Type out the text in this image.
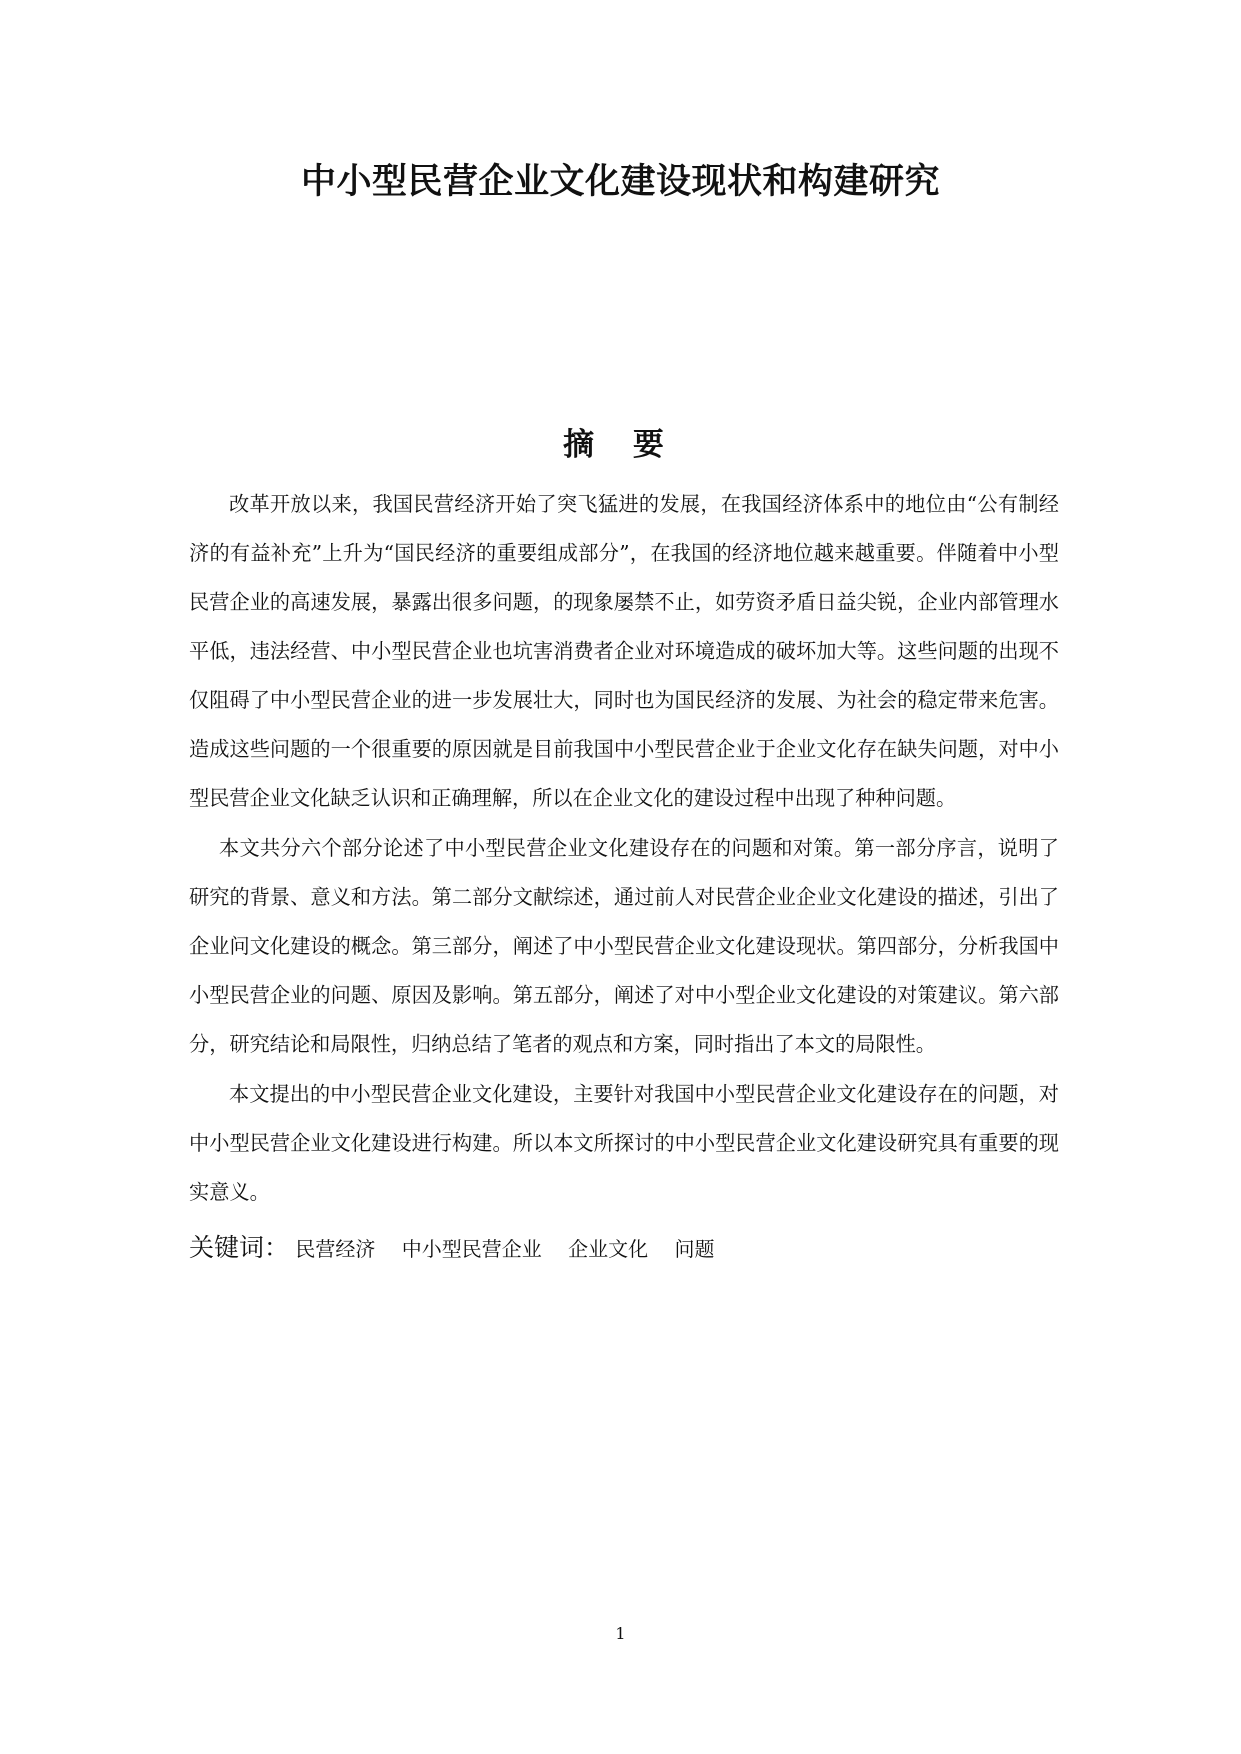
中小型民营企业文化建设现状和构建研究
摘 要

改革开放以来，我国民营经济开始了突飞猛进的发展，在我国经济体系中的地位由“公有制经济的有益补充”上升为“国民经济的重要组成部分”，在我国的经济地位越来越重要。伴随着中小型民营企业的高速发展，暴露出很多问题，的现象屡禁不止，如劳资矛盾日益尖锐，企业内部管理水平低，违法经营、中小型民营企业也坑害消费者企业对环境造成的破坏加大等。这些问题的出现不仅阻碍了中小型民营企业的进一步发展壮大，同时也为国民经济的发展、为社会的稳定带来危害。造成这些问题的一个很重要的原因就是目前我国中小型民营企业于企业文化存在缺失问题，对中小型民营企业文化缺乏认识和正确理解，所以在企业文化的建设过程中出现了种种问题。

本文共分六个部分论述了中小型民营企业文化建设存在的问题和对策。第一部分序言，说明了研究的背景、意义和方法。第二部分文献综述，通过前人对民营企业企业文化建设的描述，引出了企业问文化建设的概念。第三部分，阐述了中小型民营企业文化建设现状。第四部分，分析我国中小型民营企业的问题、原因及影响。第五部分，阐述了对中小型企业文化建设的对策建议。第六部分，研究结论和局限性，归纳总结了笔者的观点和方案，同时指出了本文的局限性。

本文提出的中小型民营企业文化建设，主要针对我国中小型民营企业文化建设存在的问题，对中小型民营企业文化建设进行构建。所以本文所探讨的中小型民营企业文化建设研究具有重要的现实意义。

关键词： 民营经济 中小型民营企业 企业文化 问题
1
